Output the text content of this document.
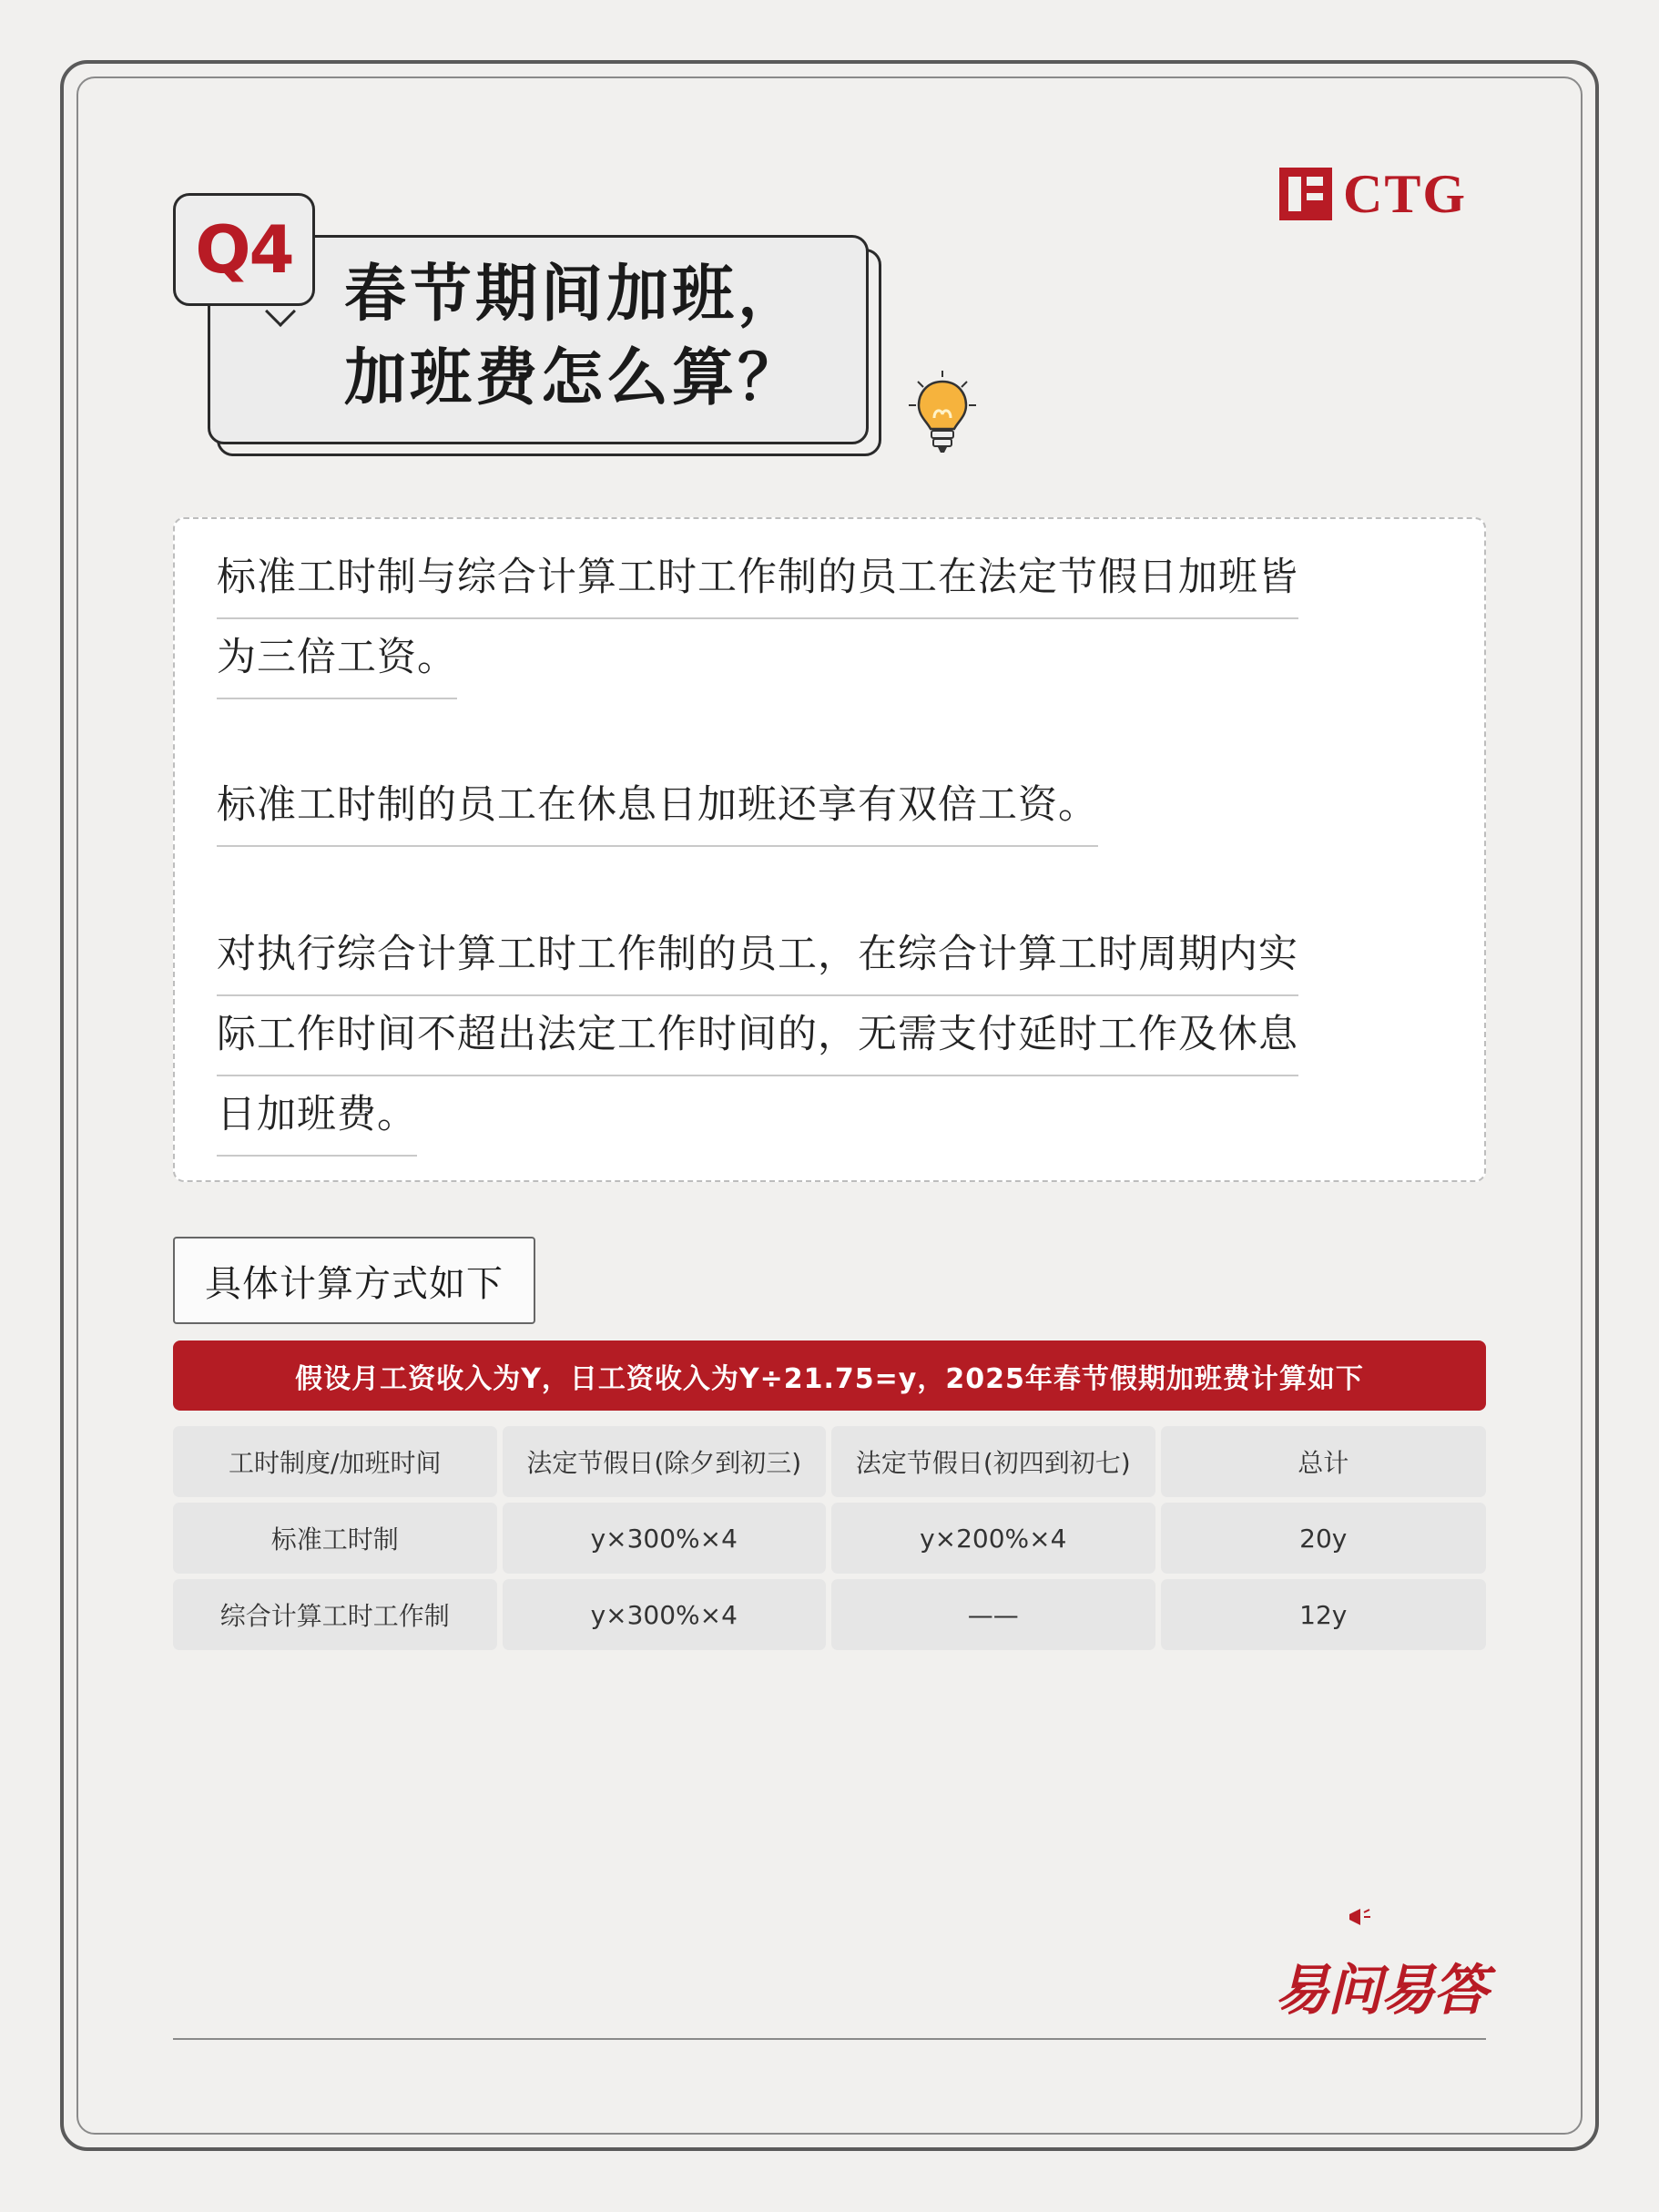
CTG
春节期间加班，
加班费怎么算？
Q4
标准工时制与综合计算工时工作制的员工在法定节假日加班皆
为三倍工资。
标准工时制的员工在休息日加班还享有双倍工资。
对执行综合计算工时工作制的员工，在综合计算工时周期内实
际工作时间不超出法定工作时间的，无需支付延时工作及休息
日加班费。
具体计算方式如下
假设月工资收入为Y，日工资收入为Y÷21.75=y，2025年春节假期加班费计算如下
工时制度/加班时间	法定节假日(除夕到初三)	法定节假日(初四到初七)	总计
标准工时制	y×300%×4	y×200%×4	20y
综合计算工时工作制	y×300%×4	——	12y
易问易答
